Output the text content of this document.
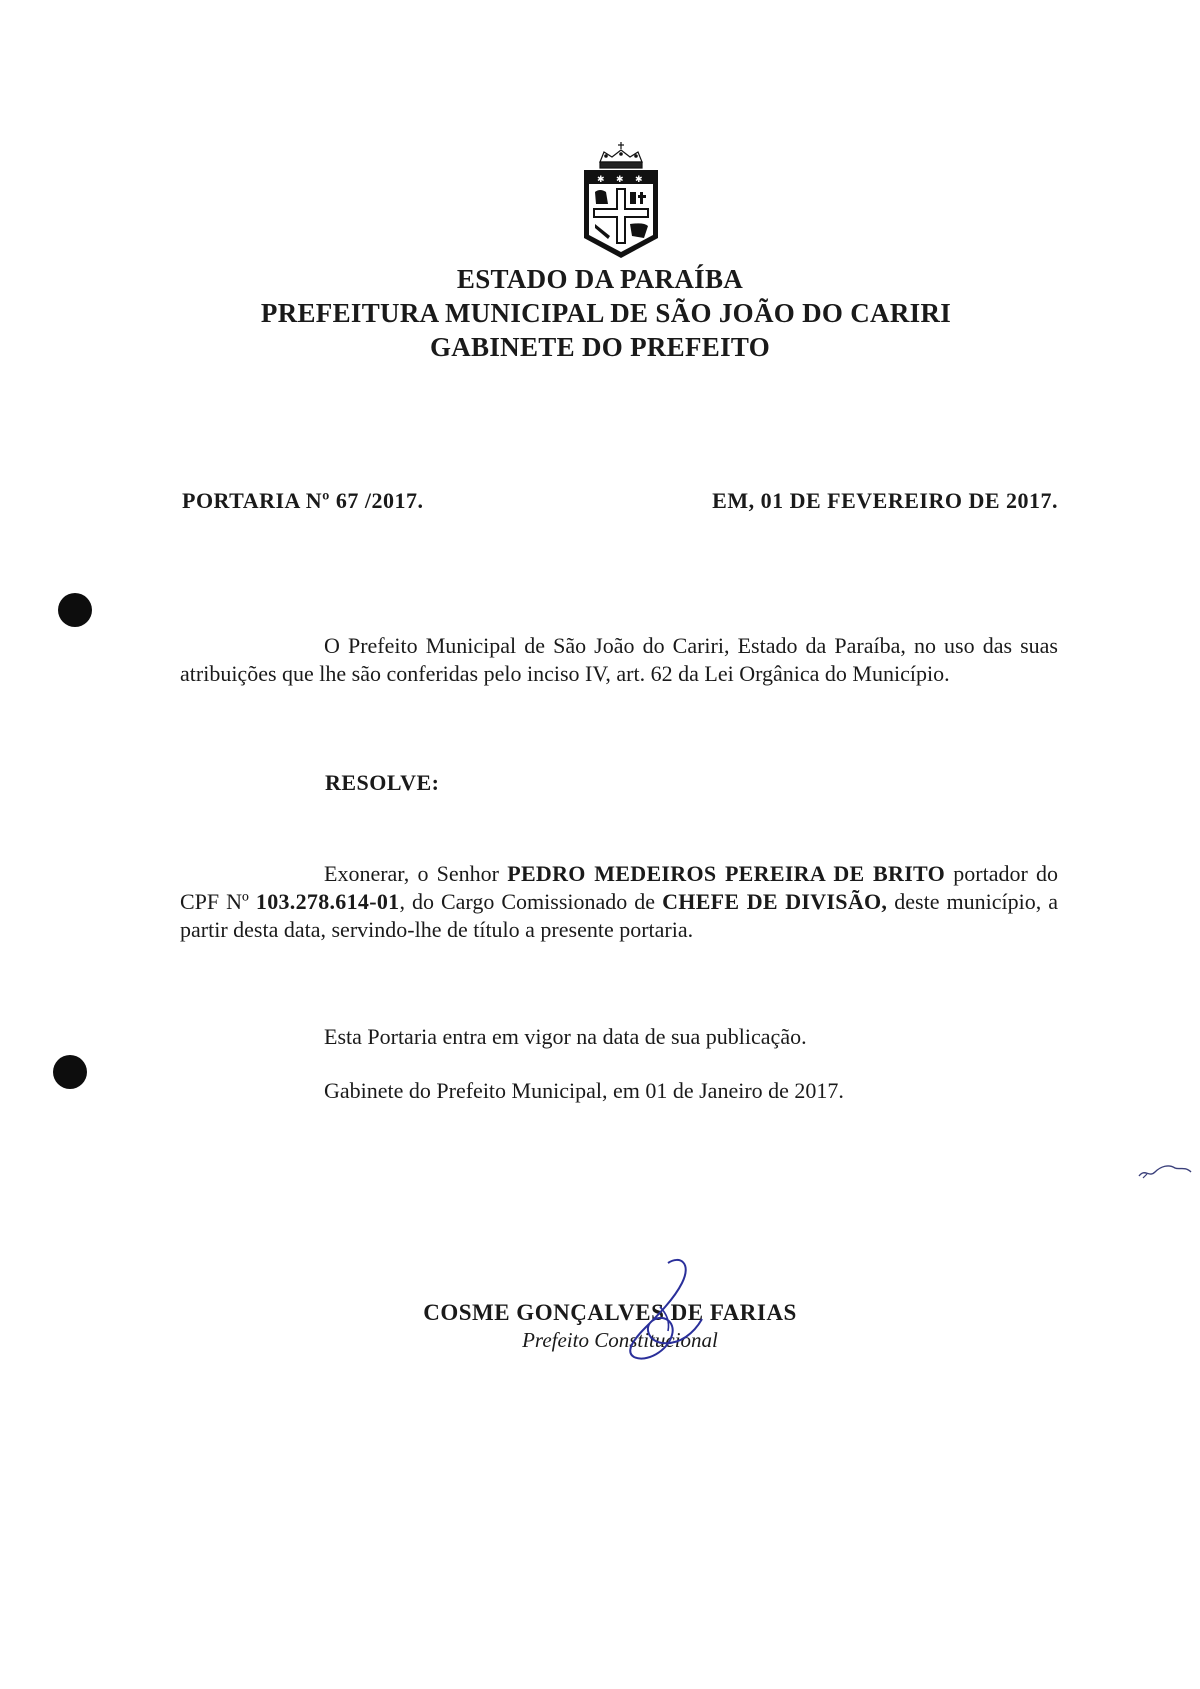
✱ ✱ ✱
ESTADO DA PARAÍBA
PREFEITURA MUNICIPAL DE SÃO JOÃO DO CARIRI
GABINETE DO PREFEITO
PORTARIA Nº 67 /2017.	EM, 01 DE FEVEREIRO DE 2017.
O Prefeito Municipal de São João do Cariri, Estado da Paraíba, no uso das suas atribuições que lhe são conferidas pelo inciso IV, art. 62 da Lei Orgânica do Município.
RESOLVE:
Exonerar, o Senhor PEDRO MEDEIROS PEREIRA DE BRITO portador do CPF Nº 103.278.614-01, do Cargo Comissionado de CHEFE DE DIVISÃO, deste município, a partir desta data, servindo-lhe de título a presente portaria.
Esta Portaria entra em vigor na data de sua publicação.
Gabinete do Prefeito Municipal, em 01 de Janeiro de 2017.
COSME GONÇALVES DE FARIAS
Prefeito Constitucional
